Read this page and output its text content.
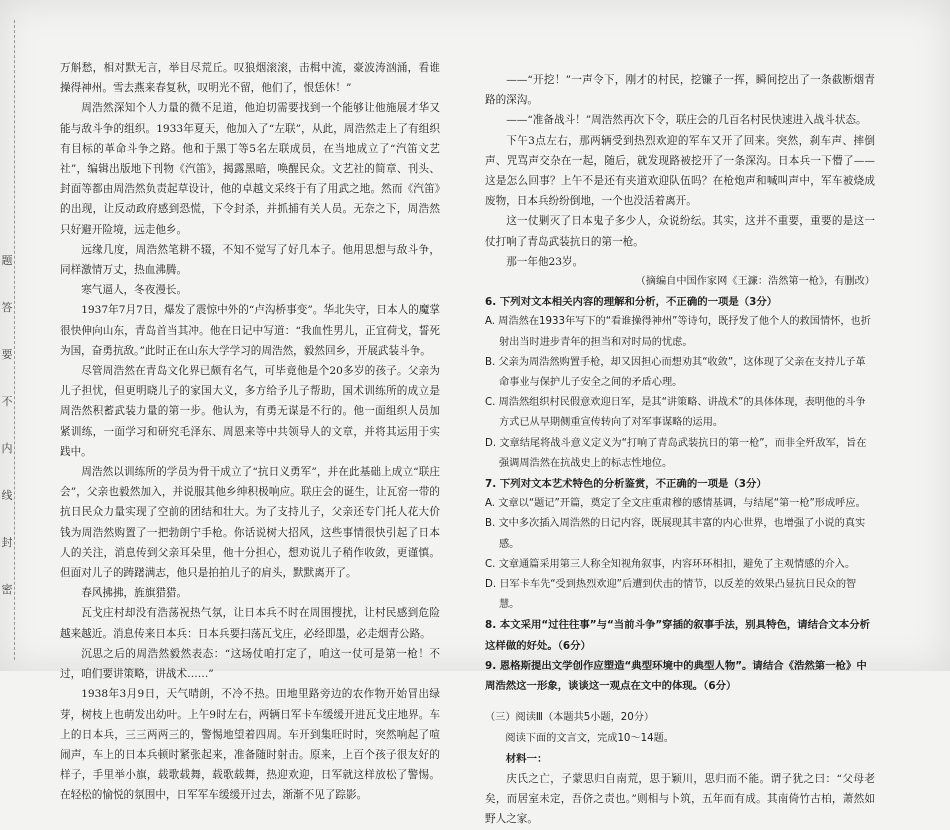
题
答
要
不
内
线
封
密

万斛愁，相对默无言，举目尽荒丘。叹狼烟滚滚，击楫中流，豪波涛汹涌，看谁操得神州。雪去燕来春复秋，叹明光不留，他们了，恨恁休！”

周浩然深知个人力量的微不足道，他迫切需要找到一个能够让他施展才华又能与敌斗争的组织。1933年夏天，他加入了“左联”，从此，周浩然走上了有组织有目标的革命斗争之路。他和于黑丁等5名左联成员，在当地成立了“汽笛文艺社”，编辑出版地下刊物《汽笛》，揭露黑暗，唤醒民众。文艺社的简章、刊头、封面等都由周浩然负责起草设计，他的卓越文采终于有了用武之地。然而《汽笛》的出现，让反动政府感到恐慌，下令封杀，并抓捕有关人员。无奈之下，周浩然只好避开险境，远走他乡。

远缘几度，周浩然笔耕不辍，不知不觉写了好几本子。他用思想与敌斗争，同样激情万丈，热血沸腾。

寒气逼人，冬夜漫长。

1937年7月7日，爆发了震惊中外的“卢沟桥事变”。华北失守，日本人的魔掌很快伸向山东，青岛首当其冲。他在日记中写道：“我血性男儿，正宜荷戈，誓死为国，奋勇抗敌。”此时正在山东大学学习的周浩然，毅然回乡，开展武装斗争。

尽管周浩然在青岛文化界已颇有名气，可毕竟他是个20多岁的孩子。父亲为儿子担忧，但更明晓儿子的家国大义，多方给予儿子帮助，国术训练所的成立是周浩然积蓄武装力量的第一步。他认为，有勇无谋是不行的。他一面组织人员加紧训练，一面学习和研究毛泽东、周恩来等中共领导人的文章，并将其运用于实践中。

周浩然以训练所的学员为骨干成立了“抗日义勇军”，并在此基础上成立“联庄会”，父亲也毅然加入，并说服其他乡绅积极响应。联庄会的诞生，让瓦窑一带的抗日民众力量实现了空前的团结和壮大。为了支持儿子，父亲还专门托人花大价钱为周浩然购置了一把勃朗宁手枪。你话说树大招风，这些事情很快引起了日本人的关注，消息传到父亲耳朵里，他十分担心，想劝说儿子稍作收敛，更谨慎。但面对儿子的踌躇满志，他只是拍拍儿子的肩头，默默离开了。

春风拂拂，旌旗猎猎。

瓦戈庄村却没有浩荡祝热气氛，让日本兵不时在周围搜扰，让村民感到危险越来越近。消息传来日本兵：日本兵要扫荡瓦戈庄，必经即墨，必走烟青公路。

沉思之后的周浩然毅然表态：“这场仗咱打定了，咱这一仗可是第一枪！不过，咱们要讲策略，讲战术……”

1938年3月9日，天气晴朗，不冷不热。田地里路旁边的农作物开始冒出绿芽，树枝上也萌发出幼叶。上午9时左右，两辆日军卡车缓缓开进瓦戈庄地界。车上的日本兵，三三两两三的，警惕地望着四周。车开到集旺时时，突然响起了喧闹声，车上的日本兵顿时紧张起来，准备随时射击。原来，上百个孩子很友好的样子，手里举小旗，载歌载舞，载歌载舞，热迎欢迎，日军就这样放松了警惕。在轻松的愉悦的氛围中，日军军车缓缓开过去，渐渐不见了踪影。

——“开挖！”一声令下，刚才的村民，挖镰子一挥，瞬间挖出了一条截断烟青路的深沟。

——“准备战斗！”周浩然再次下令，联庄会的几百名村民快速进入战斗状态。

下午3点左右，那两辆受到热烈欢迎的军车又开了回来。突然，刹车声、摔倒声、咒骂声交杂在一起，随后，就发现路被挖开了一条深沟。日本兵一下懵了——这是怎么回事？上午不是还有夹道欢迎队伍吗？在枪炮声和喊叫声中，军车被烧成废物，日本兵纷纷倒地，一个也没活着离开。

这一仗剿灭了日本鬼子多少人，众说纷纭。其实，这并不重要，重要的是这一仗打响了青岛武装抗日的第一枪。

那一年他23岁。

（摘编自中国作家网《王濂：浩然第一枪》，有删改）

6. 下列对文本相关内容的理解和分析，不正确的一项是（3分）

A. 周浩然在1933年写下的“看谁操得神州”等诗句，既抒发了他个人的救国情怀，也折射出当时进步青年的担当和对时局的忧虑。

B. 父亲为周浩然购置手枪，却又因担心而想劝其“收敛”，这体现了父亲在支持儿子革命事业与保护儿子安全之间的矛盾心理。

C. 周浩然组织村民假意欢迎日军，是其“讲策略、讲战术”的具体体现，表明他的斗争方式已从早期侧重宣传转向了对军事谋略的运用。

D. 文章结尾将战斗意义定义为“打响了青岛武装抗日的第一枪”，而非全歼敌军，旨在强调周浩然在抗战史上的标志性地位。

7. 下列对文本艺术特色的分析鉴赏，不正确的一项是（3分）

A. 文章以“题记”开篇，奠定了全文庄重肃穆的感情基调，与结尾“第一枪”形成呼应。

B. 文中多次插入周浩然的日记内容，既展现其丰富的内心世界，也增强了小说的真实感。

C. 文章通篇采用第三人称全知视角叙事，内容环环相扣，避免了主观情感的介入。

D. 日军卡车先“受到热烈欢迎”后遭到伏击的情节，以反差的效果凸显抗日民众的智慧。

8. 本文采用“过往往事”与“当前斗争”穿插的叙事手法，别具特色，请结合文本分析这样做的好处。（6分）

9. 恩格斯提出文学创作应塑造“典型环境中的典型人物”。请结合《浩然第一枪》中周浩然这一形象，谈谈这一观点在文中的体现。（6分）

（三）阅读Ⅲ（本题共5小题，20分）

阅读下面的文言文，完成10～14题。

材料一：

庆氏之亡，子蒙思归自南荒，思于颖川，思归而不能。谓子犹之曰：“父母老矣，而居室未定，吾侪之责也。”则相与卜筑，五年而有成。其南倚竹古柏，萧然如野人之家。
